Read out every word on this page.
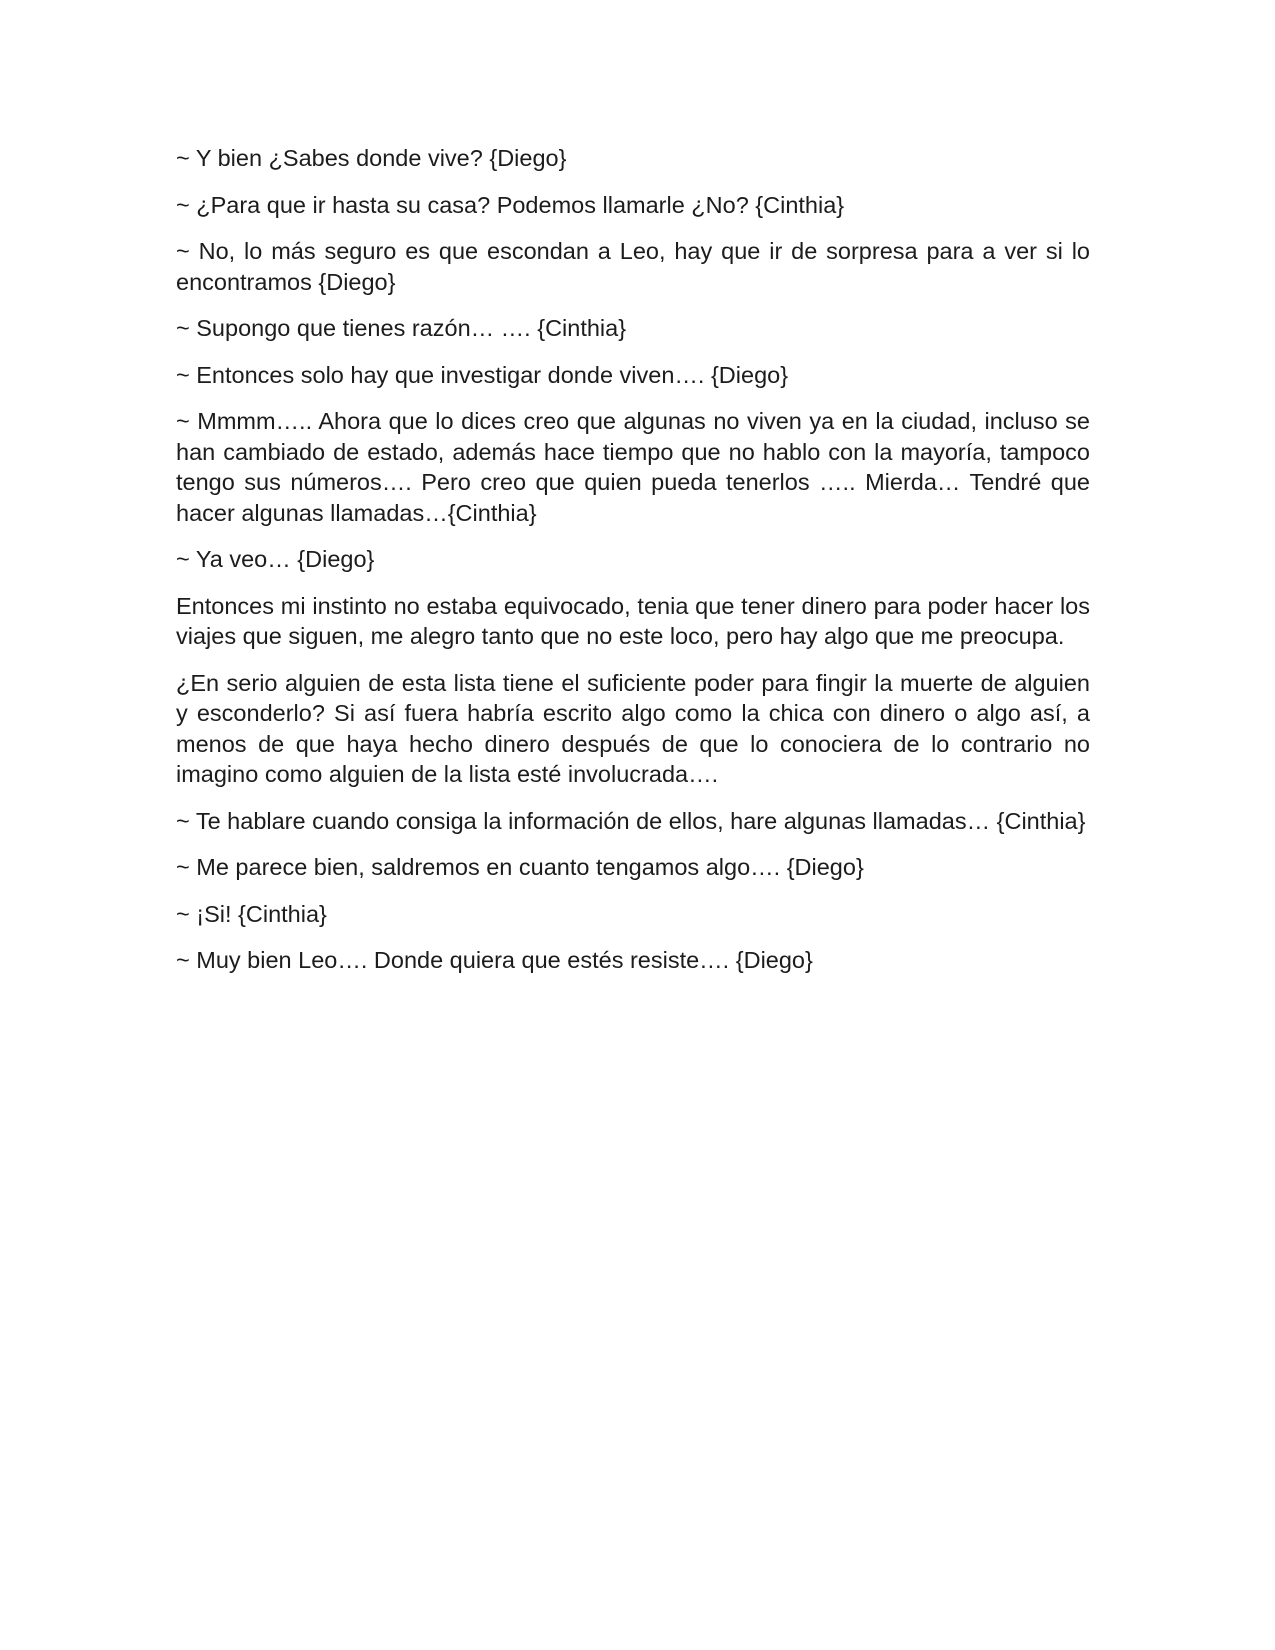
~ Y bien ¿Sabes donde vive? {Diego}

~ ¿Para que ir hasta su casa? Podemos llamarle ¿No? {Cinthia}

~ No, lo más seguro es que escondan a Leo, hay que ir de sorpresa para a ver si lo encontramos {Diego}

~ Supongo que tienes razón… …. {Cinthia}

~ Entonces solo hay que investigar donde viven…. {Diego}

~ Mmmm….. Ahora que lo dices creo que algunas no viven ya en la ciudad, incluso se han cambiado de estado, además hace tiempo que no hablo con la mayoría, tampoco tengo sus números…. Pero creo que quien pueda tenerlos ….. Mierda… Tendré que hacer algunas llamadas…{Cinthia}

~ Ya veo… {Diego}

Entonces mi instinto no estaba equivocado, tenia que tener dinero para poder hacer los viajes que siguen, me alegro tanto que no este loco, pero hay algo que me preocupa.

¿En serio alguien de esta lista tiene el suficiente poder para fingir la muerte de alguien y esconderlo? Si así fuera habría escrito algo como la chica con dinero o algo así, a menos de que haya hecho dinero después de que lo conociera de lo contrario no imagino como alguien de la lista esté involucrada….

~ Te hablare cuando consiga la información de ellos, hare algunas llamadas… {Cinthia}

~ Me parece bien, saldremos en cuanto tengamos algo…. {Diego}

~ ¡Si! {Cinthia}

~ Muy bien Leo…. Donde quiera que estés resiste…. {Diego}
